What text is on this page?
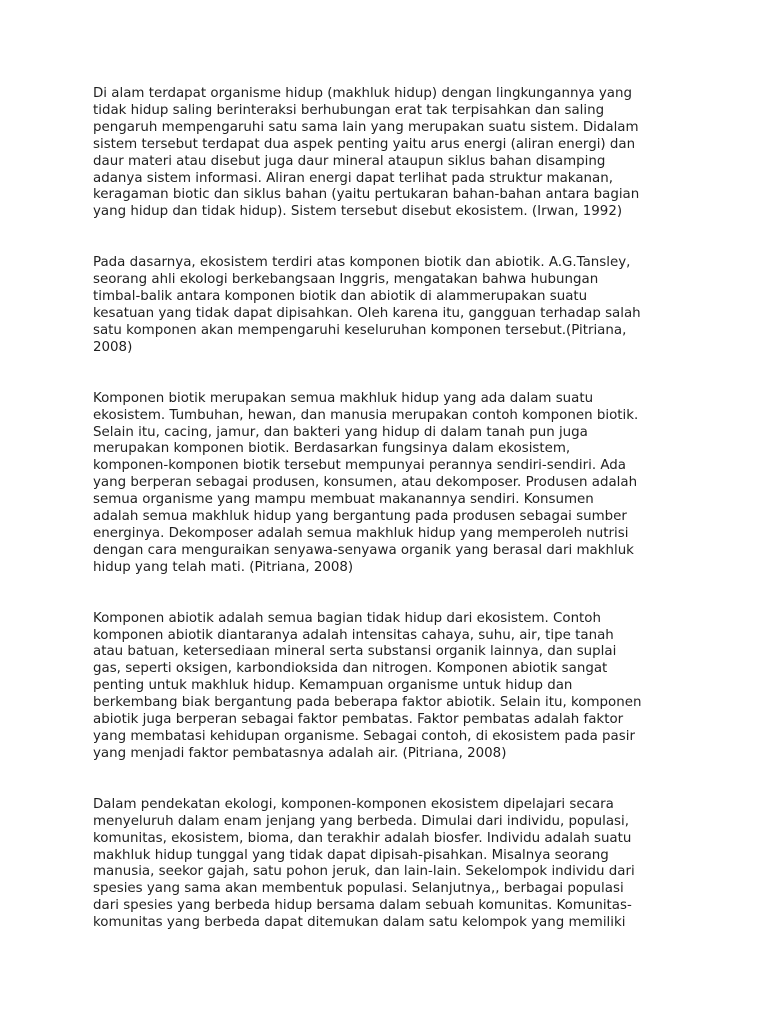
Di alam terdapat organisme hidup (makhluk hidup) dengan lingkungannya yang
tidak hidup saling berinteraksi berhubungan erat tak terpisahkan dan saling
pengaruh mempengaruhi satu sama lain yang merupakan suatu sistem. Didalam
sistem tersebut terdapat dua aspek penting yaitu arus energi (aliran energi) dan
daur materi atau disebut juga daur mineral ataupun siklus bahan disamping
adanya sistem informasi. Aliran energi dapat terlihat pada struktur makanan,
keragaman biotic dan siklus bahan (yaitu pertukaran bahan-bahan antara bagian
yang hidup dan tidak hidup). Sistem tersebut disebut ekosistem. (Irwan, 1992)

Pada dasarnya, ekosistem terdiri atas komponen biotik dan abiotik. A.G.Tansley,
seorang ahli ekologi berkebangsaan Inggris, mengatakan bahwa hubungan
timbal-balik antara komponen biotik dan abiotik di alammerupakan suatu
kesatuan yang tidak dapat dipisahkan. Oleh karena itu, gangguan terhadap salah
satu komponen akan mempengaruhi keseluruhan komponen tersebut.(Pitriana,
2008)

Komponen biotik merupakan semua makhluk hidup yang ada dalam suatu
ekosistem. Tumbuhan, hewan, dan manusia merupakan contoh komponen biotik.
Selain itu, cacing, jamur, dan bakteri yang hidup di dalam tanah pun juga
merupakan komponen biotik. Berdasarkan fungsinya dalam ekosistem,
komponen-komponen biotik tersebut mempunyai perannya sendiri-sendiri. Ada
yang berperan sebagai produsen, konsumen, atau dekomposer. Produsen adalah
semua organisme yang mampu membuat makanannya sendiri. Konsumen
adalah semua makhluk hidup yang bergantung pada produsen sebagai sumber
energinya. Dekomposer adalah semua makhluk hidup yang memperoleh nutrisi
dengan cara menguraikan senyawa-senyawa organik yang berasal dari makhluk
hidup yang telah mati. (Pitriana, 2008)

Komponen abiotik adalah semua bagian tidak hidup dari ekosistem. Contoh
komponen abiotik diantaranya adalah intensitas cahaya, suhu, air, tipe tanah
atau batuan, ketersediaan mineral serta substansi organik lainnya, dan suplai
gas, seperti oksigen, karbondioksida dan nitrogen. Komponen abiotik sangat
penting untuk makhluk hidup. Kemampuan organisme untuk hidup dan
berkembang biak bergantung pada beberapa faktor abiotik. Selain itu, komponen
abiotik juga berperan sebagai faktor pembatas. Faktor pembatas adalah faktor
yang membatasi kehidupan organisme. Sebagai contoh, di ekosistem pada pasir
yang menjadi faktor pembatasnya adalah air. (Pitriana, 2008)

Dalam pendekatan ekologi, komponen-komponen ekosistem dipelajari secara
menyeluruh dalam enam jenjang yang berbeda. Dimulai dari individu, populasi,
komunitas, ekosistem, bioma, dan terakhir adalah biosfer. Individu adalah suatu
makhluk hidup tunggal yang tidak dapat dipisah-pisahkan. Misalnya seorang
manusia, seekor gajah, satu pohon jeruk, dan lain-lain. Sekelompok individu dari
spesies yang sama akan membentuk populasi. Selanjutnya,, berbagai populasi
dari spesies yang berbeda hidup bersama dalam sebuah komunitas. Komunitas-
komunitas yang berbeda dapat ditemukan dalam satu kelompok yang memiliki
